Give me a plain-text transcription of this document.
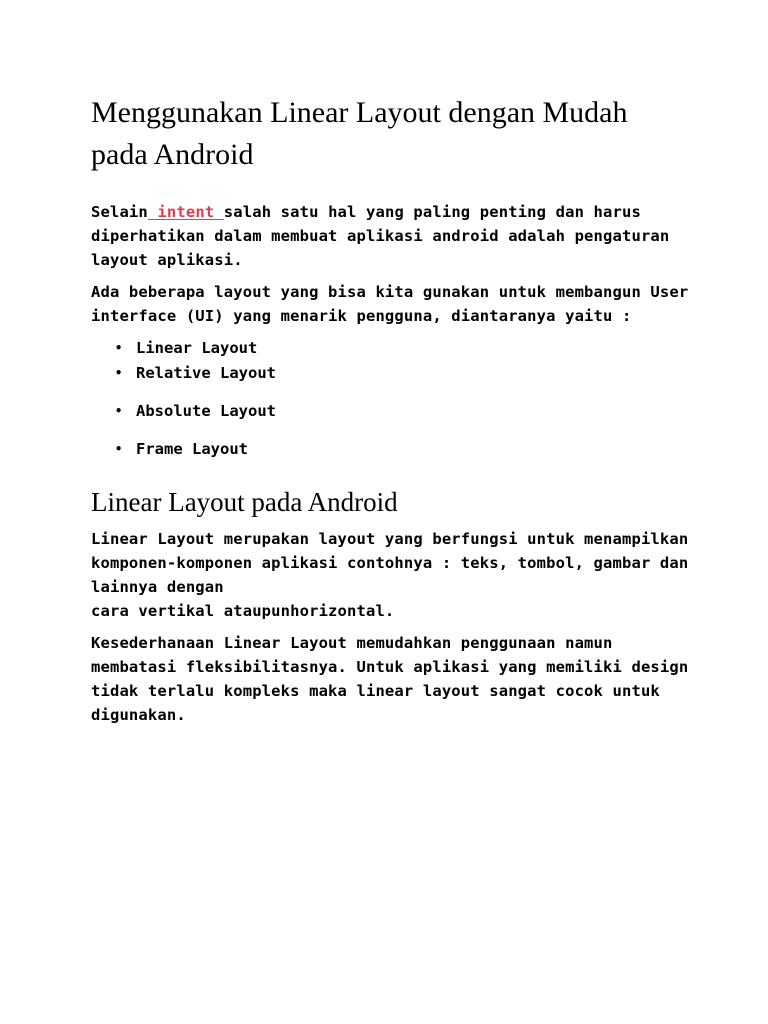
Menggunakan Linear Layout dengan Mudah pada Android

Selain intent salah satu hal yang paling penting dan harus diperhatikan dalam membuat aplikasi android adalah pengaturan layout aplikasi.

Ada beberapa layout yang bisa kita gunakan untuk membangun User interface (UI) yang menarik pengguna, diantaranya yaitu :

• Linear Layout
• Relative Layout
• Absolute Layout
• Frame Layout
Linear Layout pada Android

Linear Layout merupakan layout yang berfungsi untuk menampilkan komponen-komponen aplikasi contohnya : teks, tombol, gambar dan lainnya dengan
cara vertikal ataupunhorizontal.

Kesederhanaan Linear Layout memudahkan penggunaan namun membatasi fleksibilitasnya. Untuk aplikasi yang memiliki design tidak terlalu kompleks maka linear layout sangat cocok untuk digunakan.
